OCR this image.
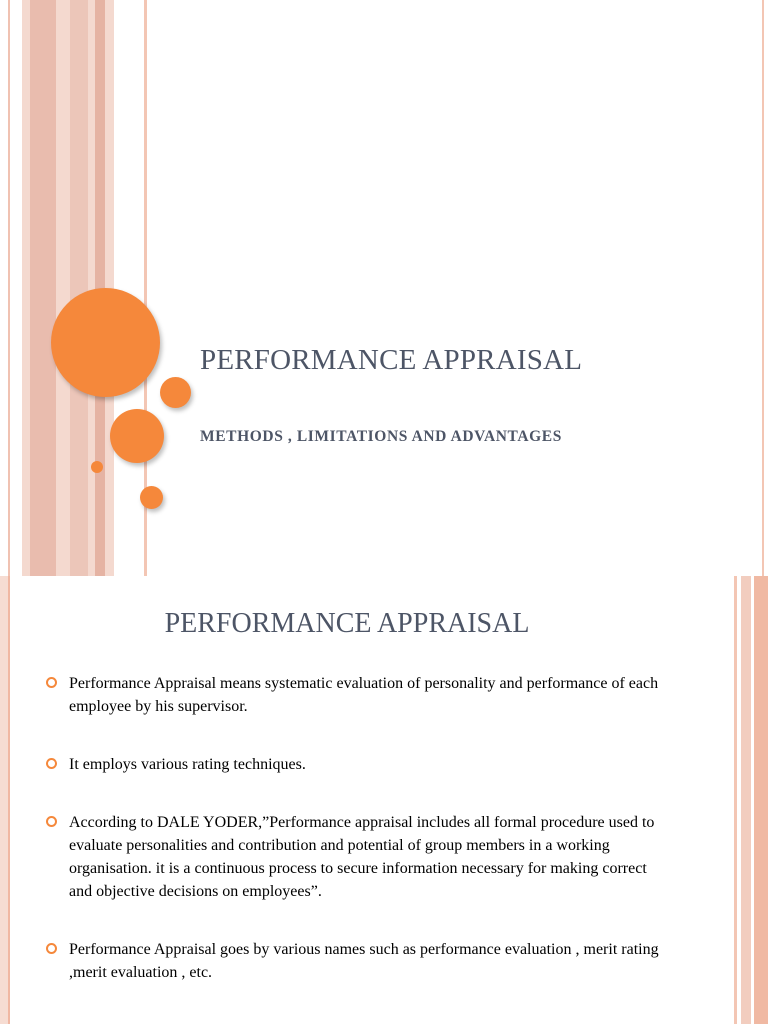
PERFORMANCE APPRAISAL
METHODS , LIMITATIONS AND ADVANTAGES
PERFORMANCE APPRAISAL
Performance Appraisal means systematic evaluation of personality and performance of each employee by his supervisor.
It employs various rating techniques.
According to DALE YODER,”Performance appraisal includes all formal procedure used to evaluate personalities and contribution and potential of group members in a working organisation. it is a continuous process to secure information necessary for making correct and objective decisions on employees”.
Performance Appraisal goes by various names such as performance evaluation , merit rating ,merit evaluation , etc.
